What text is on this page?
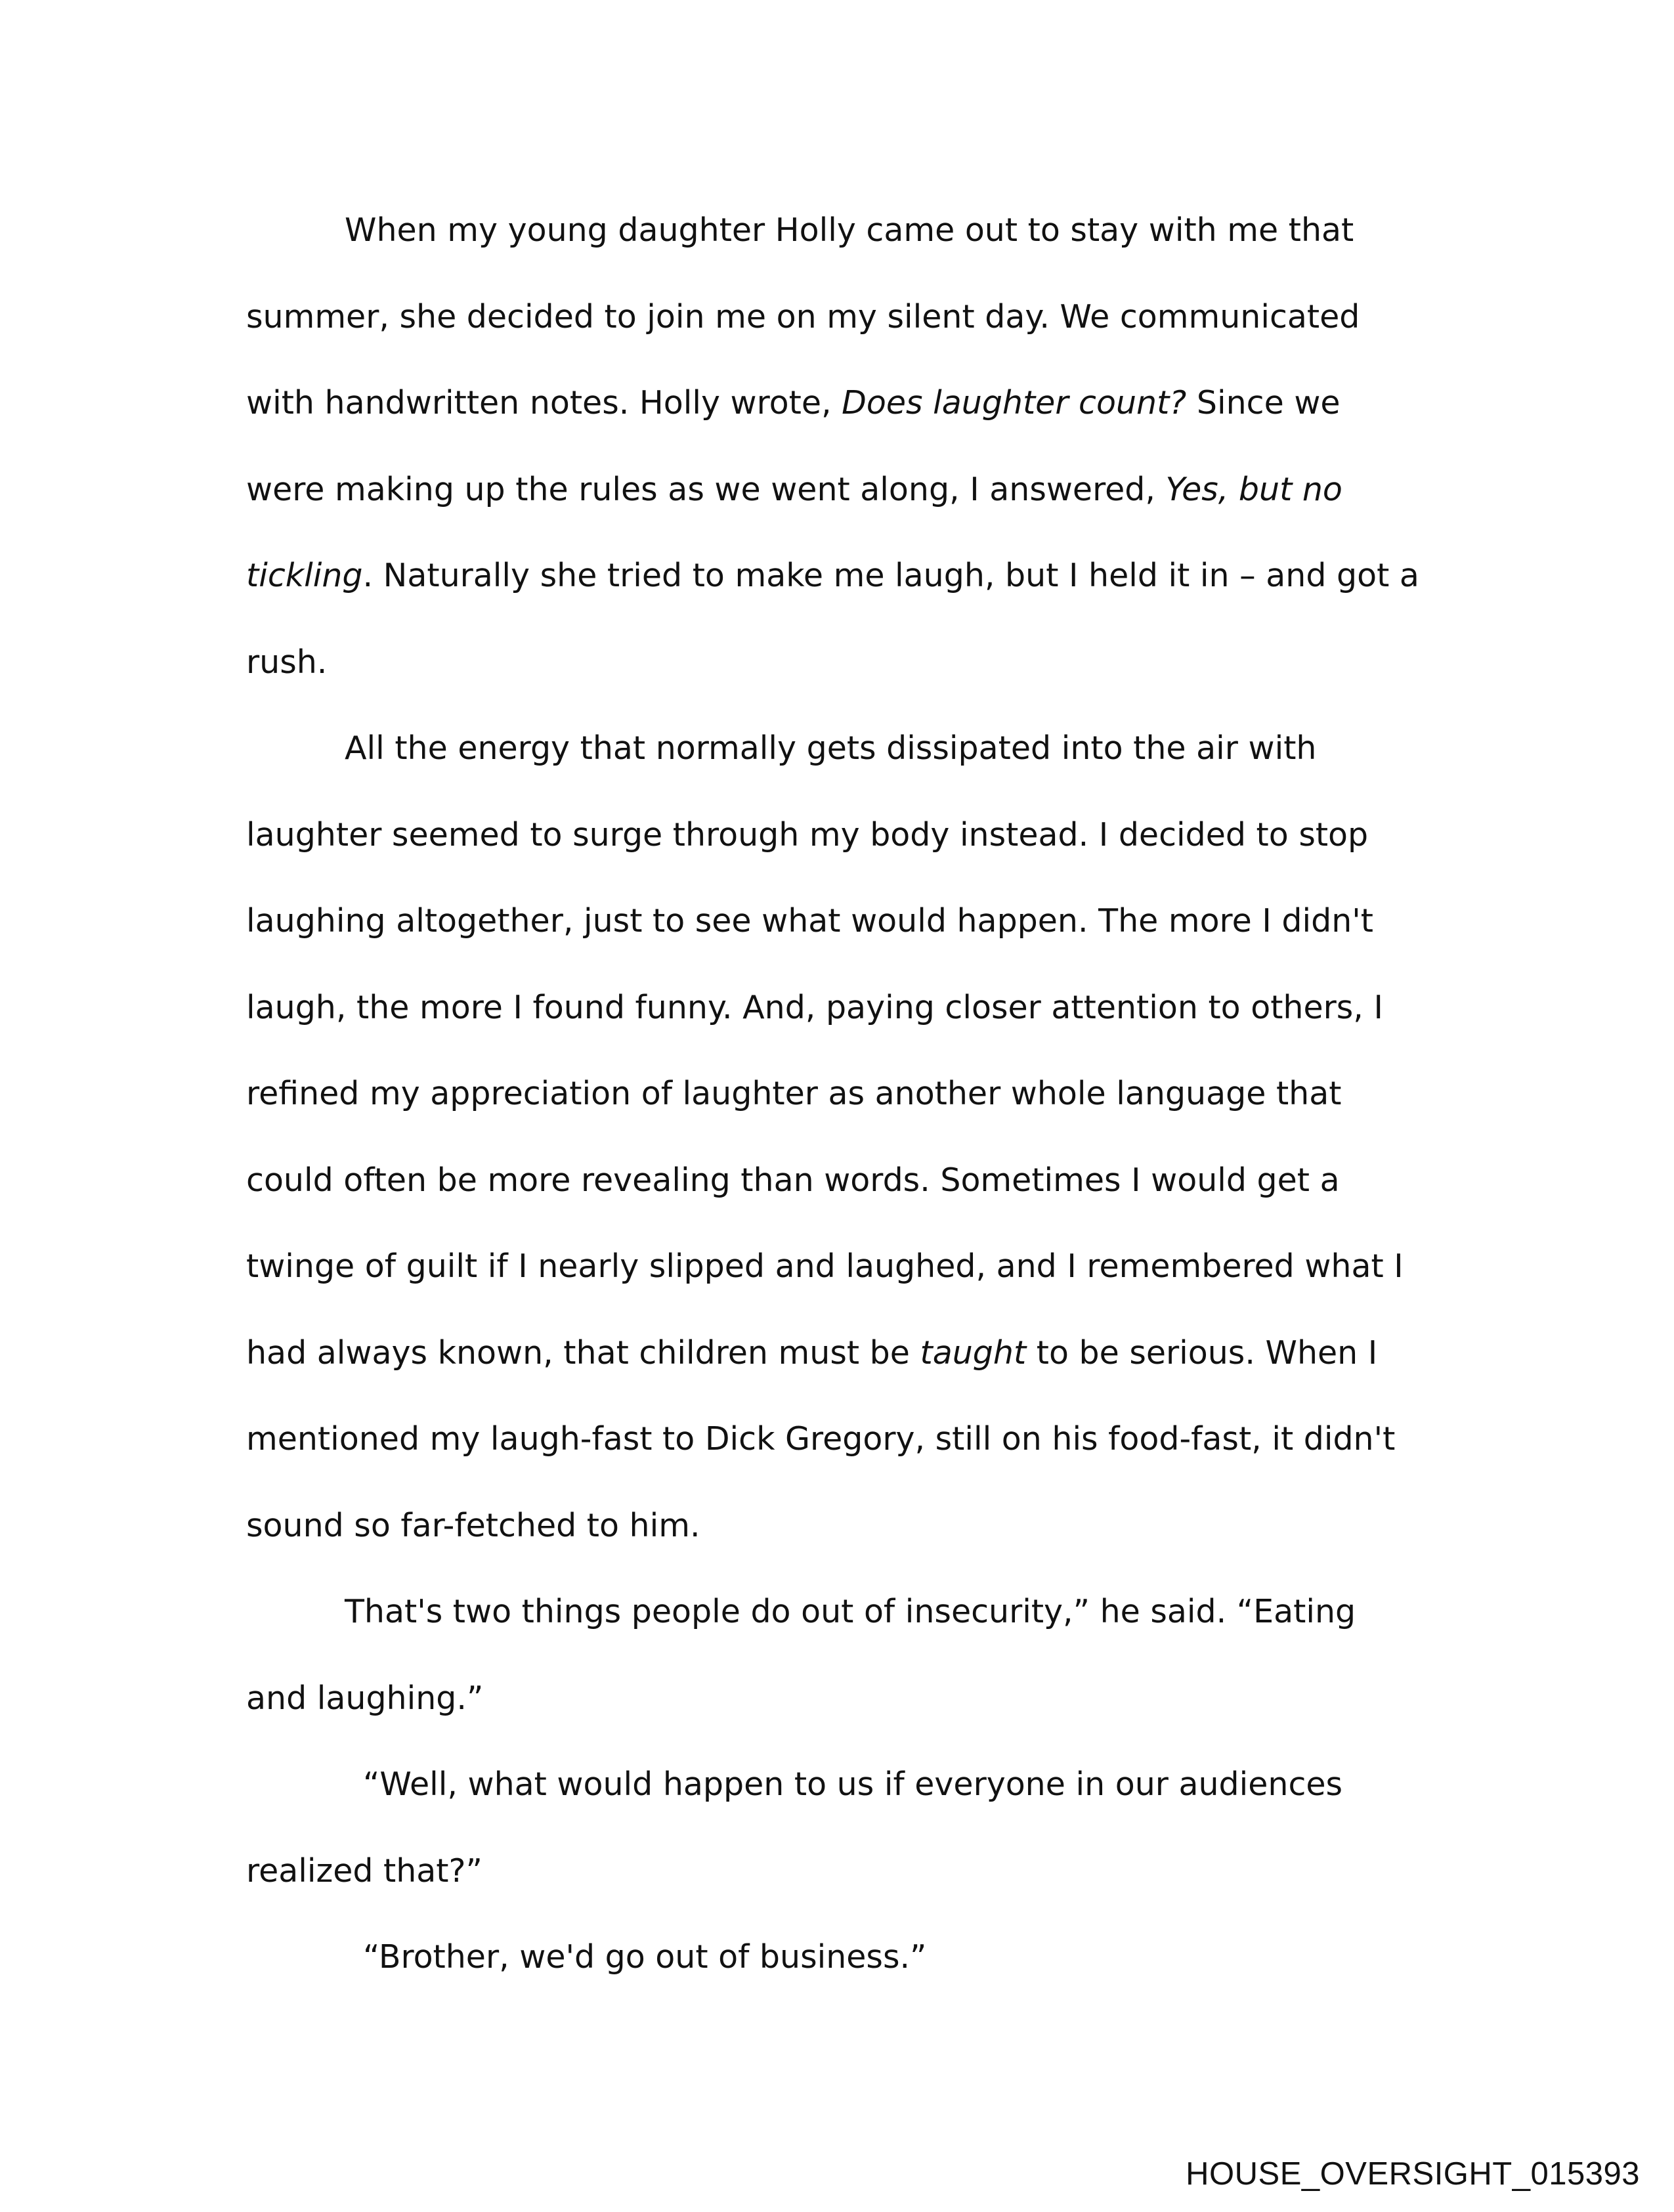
When my young daughter Holly came out to stay with me that summer, she decided to join me on my silent day. We communicated with handwritten notes. Holly wrote, Does laughter count? Since we were making up the rules as we went along, I answered, Yes, but no tickling. Naturally she tried to make me laugh, but I held it in – and got a rush.

All the energy that normally gets dissipated into the air with laughter seemed to surge through my body instead. I decided to stop laughing altogether, just to see what would happen. The more I didn't laugh, the more I found funny. And, paying closer attention to others, I refined my appreciation of laughter as another whole language that could often be more revealing than words. Sometimes I would get a twinge of guilt if I nearly slipped and laughed, and I remembered what I had always known, that children must be taught to be serious. When I mentioned my laugh-fast to Dick Gregory, still on his food-fast, it didn't sound so far-fetched to him.

That's two things people do out of insecurity,” he said. “Eating and laughing.”

“Well, what would happen to us if everyone in our audiences realized that?”

“Brother, we'd go out of business.”

HOUSE_OVERSIGHT_015393
